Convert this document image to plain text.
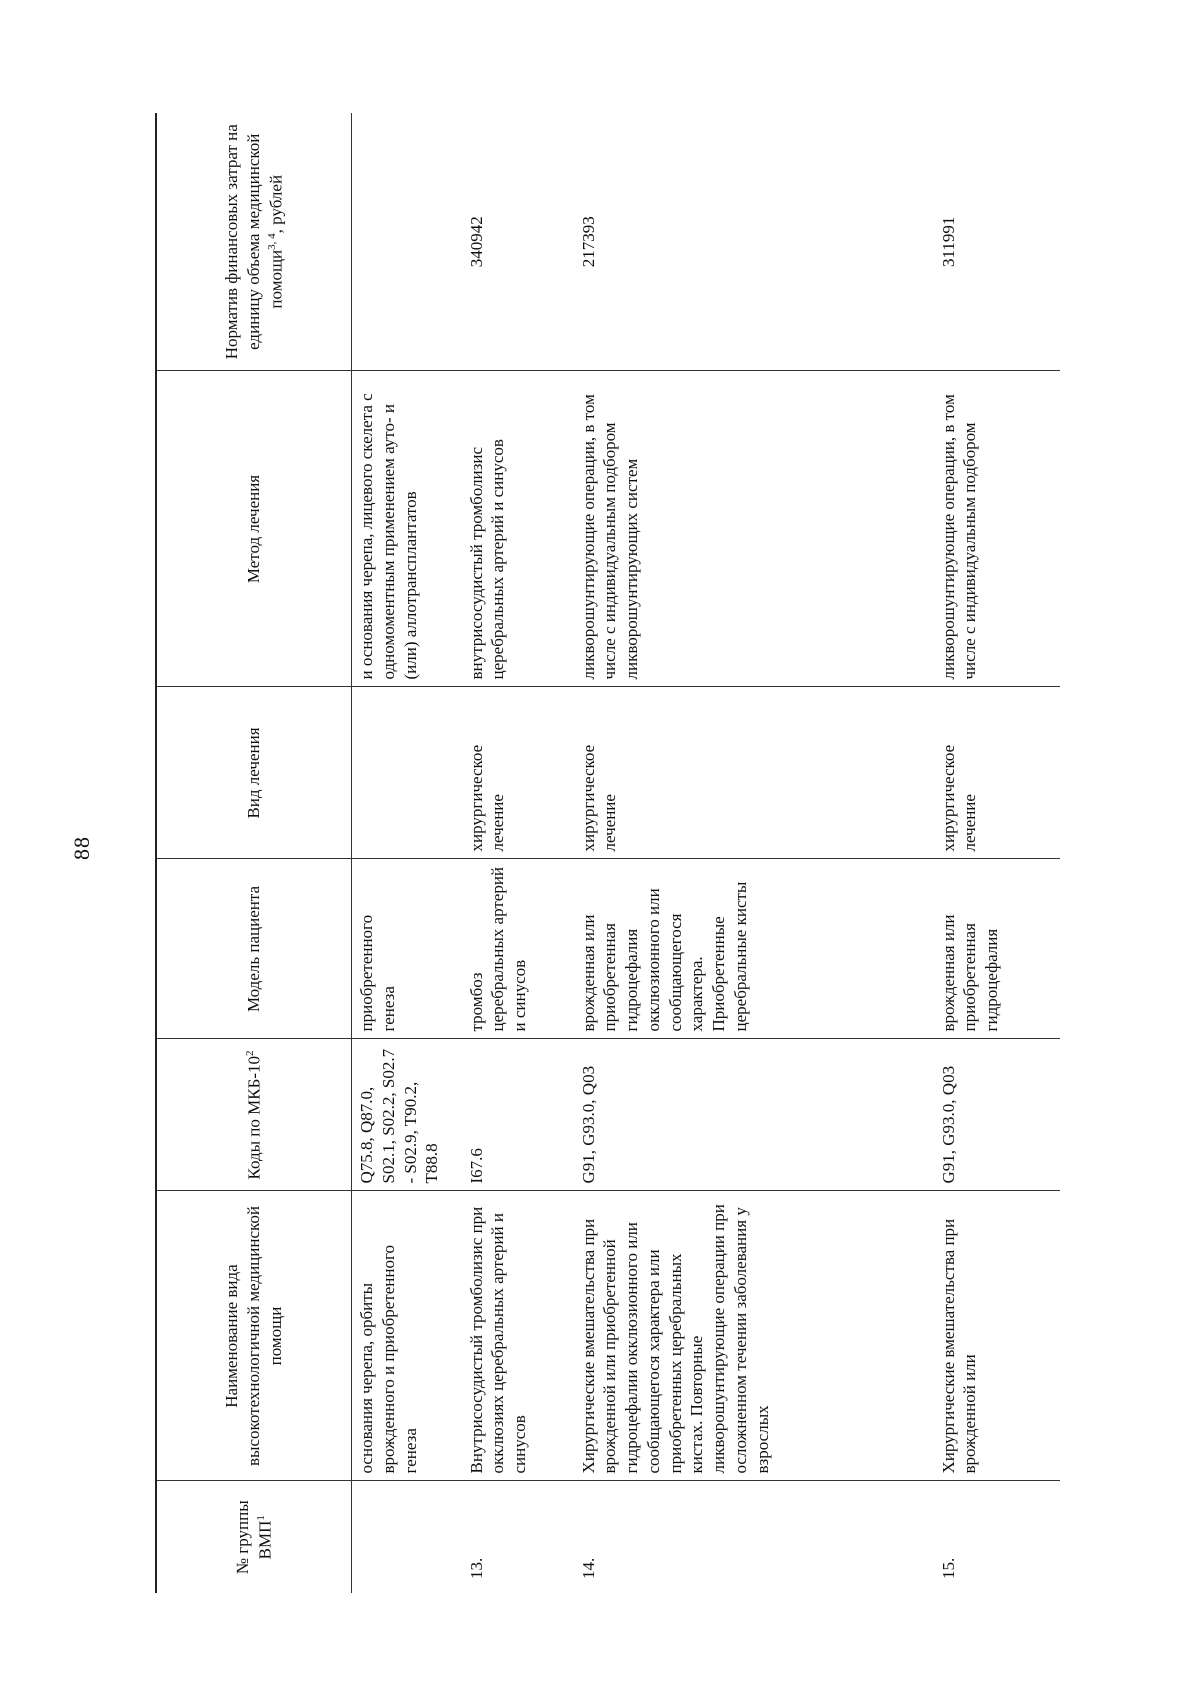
88
№ группы ВМП$^1$	Наименование вида высокотехнологичной медицинской помощи	Коды по МКБ-$10^2$	Модель пациента	Вид лечения	Метод лечения	Норматив финансовых затрат на единицу объема медицинской помощи$^{3, 4}$, рублей
	основания черепа, орбиты врожденного и приобретенного генеза	Q75.8, Q87.0, S02.1, S02.2, S02.7 - S02.9, T90.2, T88.8	приобретенного генеза		и основания черепа, лицевого скелета с одномоментным применением ауто- и (или) аллотрансплантатов	
13.	Внутрисосудистый тромболизис при окклюзиях церебральных артерий и синусов	I67.6	тромбоз церебральных артерий и синусов	хирургическое лечение	внутрисосудистый тромболизис церебральных артерий и синусов	340942
14.	Хирургические вмешательства при врожденной или приобретенной гидроцефалии окклюзионного или сообщающегося характера или приобретенных церебральных кистах. Повторные ликворошунтирующие операции при осложненном течении заболевания у взрослых	G91, G93.0, Q03	врожденная или приобретенная гидроцефалия окклюзионного или сообщающегося характера. Приобретенные церебральные кисты	хирургическое лечение	ликворошунтирующие операции, в том числе с индивидуальным подбором ликворошунтирующих систем	217393
15.	Хирургические вмешательства при врожденной или	G91, G93.0, Q03	врожденная или приобретенная гидроцефалия	хирургическое лечение	ликворошунтирующие операции, в том числе с индивидуальным подбором	311991
